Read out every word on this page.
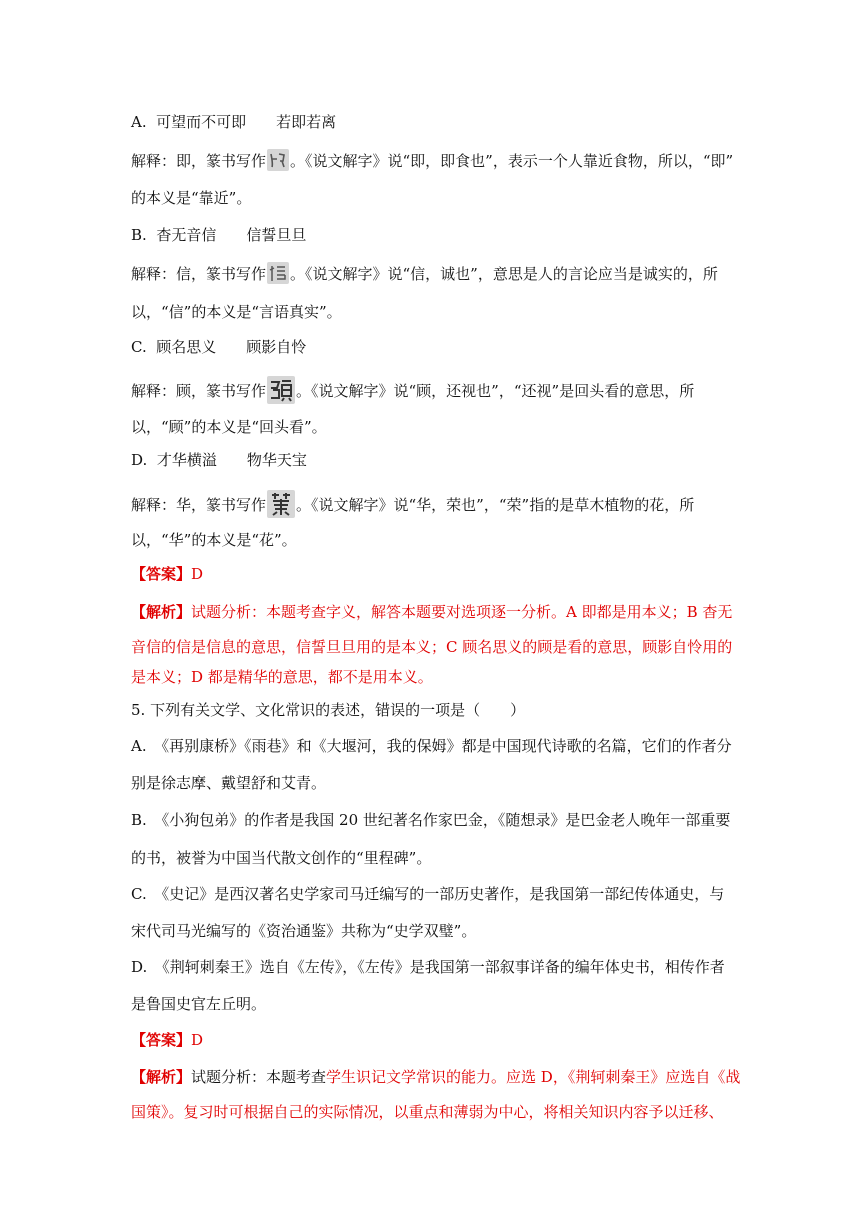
A. 可望而不可即 若即若离
解释：即，篆书写作 。《说文解字》说“即，即食也”，表示一个人靠近食物，所以，“即”
的本义是“靠近”。
B. 杳无音信 信誓旦旦
解释：信，篆书写作 。《说文解字》说“信，诚也”，意思是人的言论应当是诚实的，所
以，“信”的本义是“言语真实”。
C. 顾名思义 顾影自怜
解释：顾，篆书写作 。《说文解字》说“顾，还视也”，“还视”是回头看的意思，所
以，“顾”的本义是“回头看”。
D. 才华横溢 物华天宝
解释：华，篆书写作 。《说文解字》说“华，荣也”，“荣”指的是草木植物的花，所
以，“华”的本义是“花”。
【答案】D
【解析】试题分析：本题考查字义，解答本题要对选项逐一分析。A 即都是用本义；B 杳无
音信的信是信息的意思，信誓旦旦用的是本义；C 顾名思义的顾是看的意思，顾影自怜用的
是本义；D 都是精华的意思，都不是用本义。
5. 下列有关文学、文化常识的表述，错误的一项是（　　）
A.　《再别康桥》《雨巷》和《大堰河，我的保姆》都是中国现代诗歌的名篇，它们的作者分
别是徐志摩、戴望舒和艾青。
B.　《小狗包弟》的作者是我国 20 世纪著名作家巴金，《随想录》是巴金老人晚年一部重要
的书，被誉为中国当代散文创作的“里程碑”。
C.　《史记》是西汉著名史学家司马迁编写的一部历史著作，是我国第一部纪传体通史，与
宋代司马光编写的《资治通鉴》共称为“史学双璧”。
D.　《荆轲刺秦王》选自《左传》，《左传》是我国第一部叙事详备的编年体史书，相传作者
是鲁国史官左丘明。
【答案】D
【解析】试题分析：本题考查学生识记文学常识的能力。应选 D，《荆轲刺秦王》应选自《战
国策》。复习时可根据自己的实际情况，以重点和薄弱为中心，将相关知识内容予以迁移、
